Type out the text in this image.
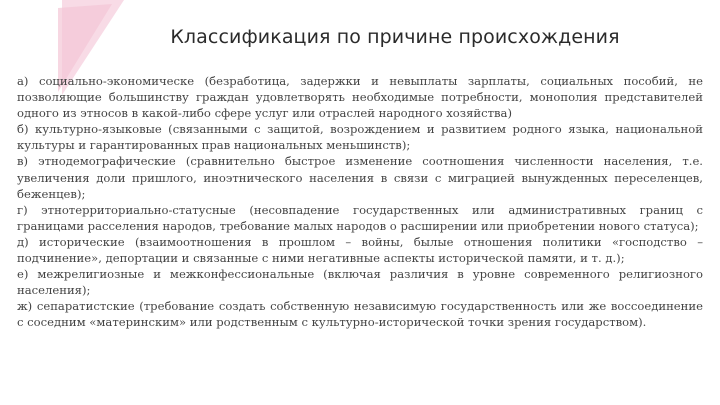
Классификация по причине происхождения

а) социально-экономичеcке (безработица, задержки и невыплаты зарплаты, социальных пособий, не позволяющие большинству граждан удовлетворять необходимые потребности, монополия представителей одного из этносов в какой-либо сфере услуг или отраслей народного хозяйства)

б) культурно-языковые (связанными с защитой, возрождением и развитием родного языка, национальной культуры и гарантированных прав национальных меньшинств);

в) этнодемографические (сравнительно быстрое изменение соотношения численности населения, т.е. увеличения доли пришлого, иноэтнического населения в связи с миграцией вынужденных переселенцев, беженцев);

г) этнотерриториально-статусные (несовпадение государственных или административных границ с границами расселения народов, требование малых народов о расширении или приобретении нового статуса);

д) исторические (взаимоотношения в прошлом – войны, былые отношения политики «господство – подчинение», депортации и связанные с ними негативные аспекты исторической памяти, и т. д.);

е) межрелигиозные и межконфессиональные (включая различия в уровне современного религиозного населения);

ж) сепаратистские (требование создать собственную независимую государственность или же воссоединение с соседним «материнским» или родственным с культурно-исторической точки зрения государством).
